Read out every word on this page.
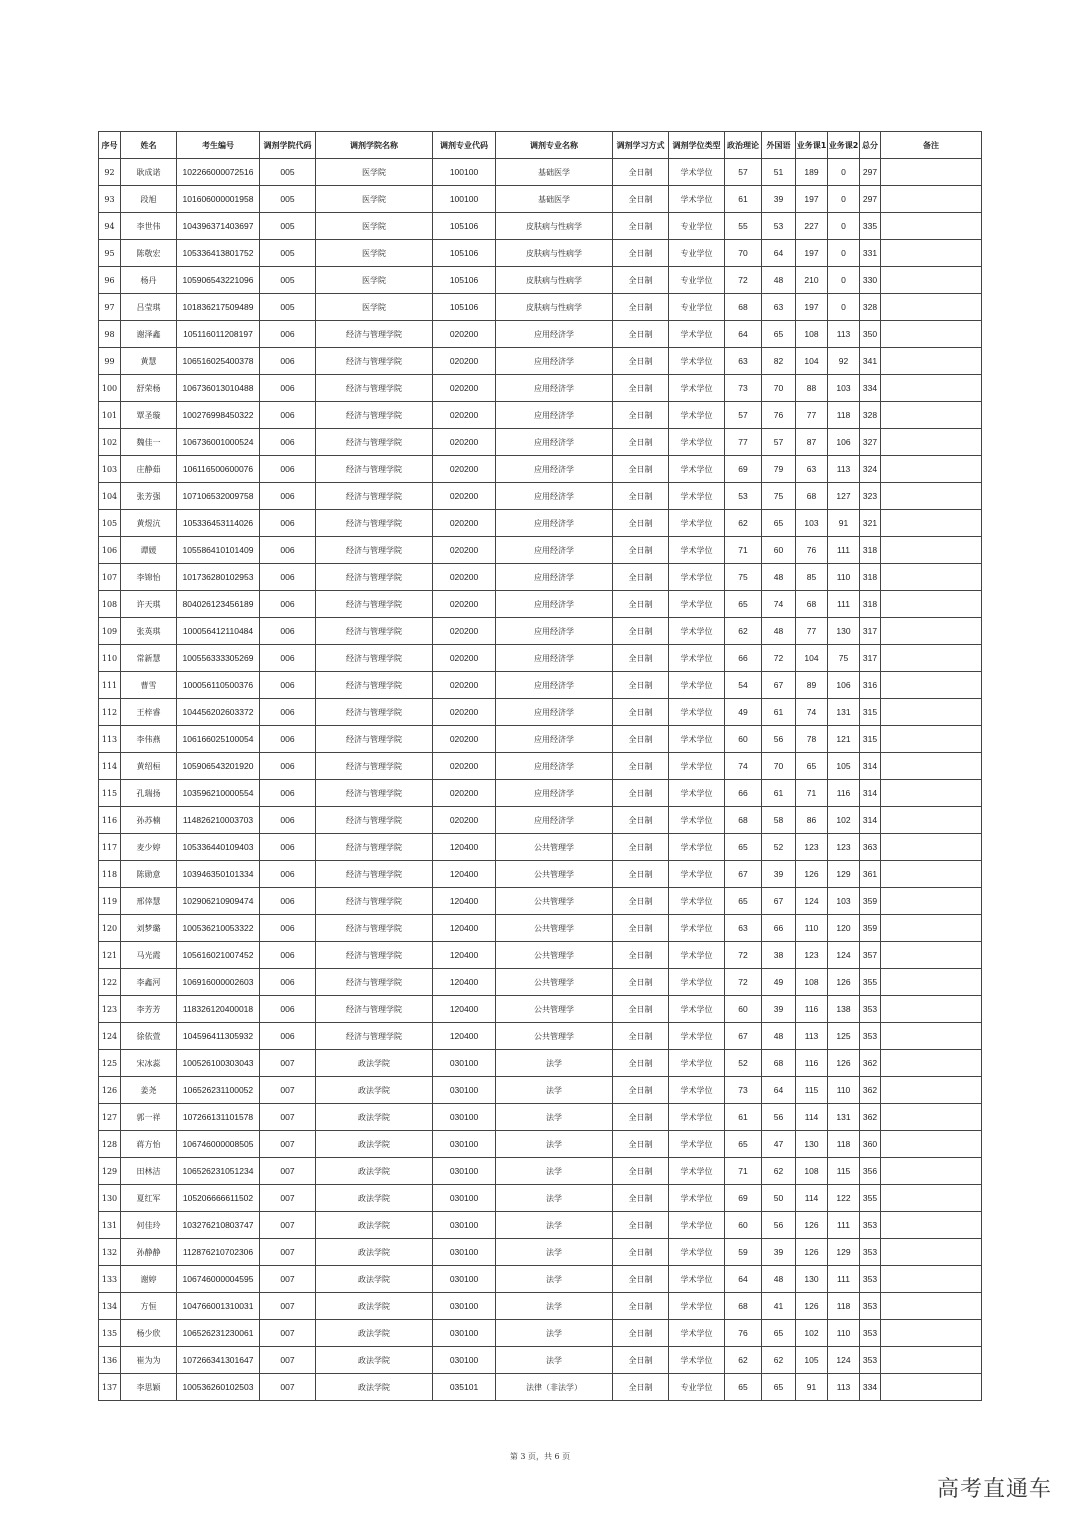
序号	姓名	考生编号	调剂学院代码	调剂学院名称	调剂专业代码	调剂专业名称	调剂学习方式	调剂学位类型	政治理论	外国语	业务课1	业务课2	总分	备注
92	耿成诺	102266000072516	005	医学院	100100	基础医学	全日制	学术学位	57	51	189	0	297	
93	段旭	101606000001958	005	医学院	100100	基础医学	全日制	学术学位	61	39	197	0	297	
94	李世伟	104396371403697	005	医学院	105106	皮肤病与性病学	全日制	专业学位	55	53	227	0	335	
95	陈敬宏	105336413801752	005	医学院	105106	皮肤病与性病学	全日制	专业学位	70	64	197	0	331	
96	杨丹	105906543221096	005	医学院	105106	皮肤病与性病学	全日制	专业学位	72	48	210	0	330	
97	吕莹琪	101836217509489	005	医学院	105106	皮肤病与性病学	全日制	专业学位	68	63	197	0	328	
98	谢泽鑫	105116011208197	006	经济与管理学院	020200	应用经济学	全日制	学术学位	64	65	108	113	350	
99	黄慧	106516025400378	006	经济与管理学院	020200	应用经济学	全日制	学术学位	63	82	104	92	341	
100	舒荣杨	106736013010488	006	经济与管理学院	020200	应用经济学	全日制	学术学位	73	70	88	103	334	
101	覃圣璇	100276998450322	006	经济与管理学院	020200	应用经济学	全日制	学术学位	57	76	77	118	328	
102	魏佳一	106736001000524	006	经济与管理学院	020200	应用经济学	全日制	学术学位	77	57	87	106	327	
103	庄静茹	106116500600076	006	经济与管理学院	020200	应用经济学	全日制	学术学位	69	79	63	113	324	
104	张芳强	107106532009758	006	经济与管理学院	020200	应用经济学	全日制	学术学位	53	75	68	127	323	
105	黄煜沆	105336453114026	006	经济与管理学院	020200	应用经济学	全日制	学术学位	62	65	103	91	321	
106	谭媛	105586410101409	006	经济与管理学院	020200	应用经济学	全日制	学术学位	71	60	76	111	318	
107	李锦怡	101736280102953	006	经济与管理学院	020200	应用经济学	全日制	学术学位	75	48	85	110	318	
108	许天琪	804026123456189	006	经济与管理学院	020200	应用经济学	全日制	学术学位	65	74	68	111	318	
109	张英琪	100056412110484	006	经济与管理学院	020200	应用经济学	全日制	学术学位	62	48	77	130	317	
110	常新慧	100556333305269	006	经济与管理学院	020200	应用经济学	全日制	学术学位	66	72	104	75	317	
111	曹雪	100056110500376	006	经济与管理学院	020200	应用经济学	全日制	学术学位	54	67	89	106	316	
112	王梓睿	104456202603372	006	经济与管理学院	020200	应用经济学	全日制	学术学位	49	61	74	131	315	
113	李伟燕	106166025100054	006	经济与管理学院	020200	应用经济学	全日制	学术学位	60	56	78	121	315	
114	黄绍桓	105906543201920	006	经济与管理学院	020200	应用经济学	全日制	学术学位	74	70	65	105	314	
115	孔瑞扬	103596210000554	006	经济与管理学院	020200	应用经济学	全日制	学术学位	66	61	71	116	314	
116	孙苏楠	114826210003703	006	经济与管理学院	020200	应用经济学	全日制	学术学位	68	58	86	102	314	
117	麦少婷	105336440109403	006	经济与管理学院	120400	公共管理学	全日制	学术学位	65	52	123	123	363	
118	陈勋意	103946350101334	006	经济与管理学院	120400	公共管理学	全日制	学术学位	67	39	126	129	361	
119	邢倖慧	102906210909474	006	经济与管理学院	120400	公共管理学	全日制	学术学位	65	67	124	103	359	
120	刘梦璐	100536210053322	006	经济与管理学院	120400	公共管理学	全日制	学术学位	63	66	110	120	359	
121	马光霞	105616021007452	006	经济与管理学院	120400	公共管理学	全日制	学术学位	72	38	123	124	357	
122	李鑫河	106916000002603	006	经济与管理学院	120400	公共管理学	全日制	学术学位	72	49	108	126	355	
123	李芳芳	118326120400018	006	经济与管理学院	120400	公共管理学	全日制	学术学位	60	39	116	138	353	
124	徐依萱	104596411305932	006	经济与管理学院	120400	公共管理学	全日制	学术学位	67	48	113	125	353	
125	宋冰蕊	100526100303043	007	政法学院	030100	法学	全日制	学术学位	52	68	116	126	362	
126	姜尧	106526231100052	007	政法学院	030100	法学	全日制	学术学位	73	64	115	110	362	
127	郭一祥	107266131101578	007	政法学院	030100	法学	全日制	学术学位	61	56	114	131	362	
128	蒋方怡	106746000008505	007	政法学院	030100	法学	全日制	学术学位	65	47	130	118	360	
129	田林洁	106526231051234	007	政法学院	030100	法学	全日制	学术学位	71	62	108	115	356	
130	夏红军	105206666611502	007	政法学院	030100	法学	全日制	学术学位	69	50	114	122	355	
131	何佳玲	103276210803747	007	政法学院	030100	法学	全日制	学术学位	60	56	126	111	353	
132	孙静静	112876210702306	007	政法学院	030100	法学	全日制	学术学位	59	39	126	129	353	
133	谢婷	106746000004595	007	政法学院	030100	法学	全日制	学术学位	64	48	130	111	353	
134	方恒	104766001310031	007	政法学院	030100	法学	全日制	学术学位	68	41	126	118	353	
135	杨少欣	106526231230061	007	政法学院	030100	法学	全日制	学术学位	76	65	102	110	353	
136	崔为为	107266341301647	007	政法学院	030100	法学	全日制	学术学位	62	62	105	124	353	
137	李思颖	100536260102503	007	政法学院	035101	法律（非法学）	全日制	专业学位	65	65	91	113	334	
第 3 页，共 6 页
高考直通车
